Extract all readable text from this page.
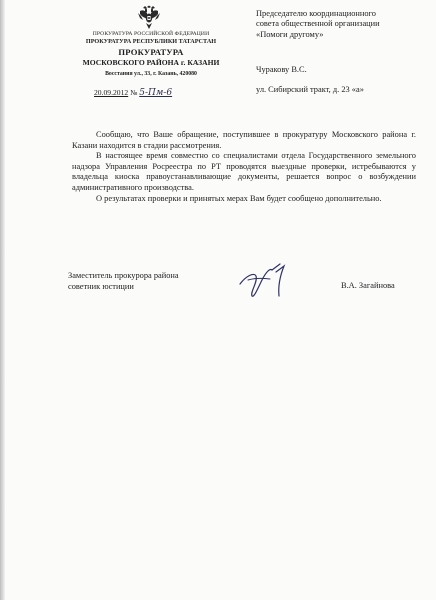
ПРОКУРАТУРА РОССИЙСКОЙ ФЕДЕРАЦИИ
ПРОКУРАТУРА РЕСПУБЛИКИ ТАТАРСТАН
ПРОКУРАТУРА
МОСКОВСКОГО РАЙОНА г. КАЗАНИ
Восстания ул., 33, г. Казань, 420080
20.09.2012 № 5-Пм-6
Председателю координационного
совета общественной организации
«Помоги другому»
Чуракову В.С.
ул. Сибирский тракт, д. 23 «а»

Сообщаю, что Ваше обращение, поступившее в прокуратуру Московского района г. Казани находится в стадии рассмотрения.

В настоящее время совместно со специалистами отдела Государственного земельного надзора Управления Росреестра по РТ проводятся выездные проверки, истребываются у владельца киоска правоустанавливающие документы, решается вопрос о возбуждении административного производства.

О результатах проверки и принятых мерах Вам будет сообщено дополнительно.

Заместитель прокурора района
советник юстиции	В.А. Загайнова
